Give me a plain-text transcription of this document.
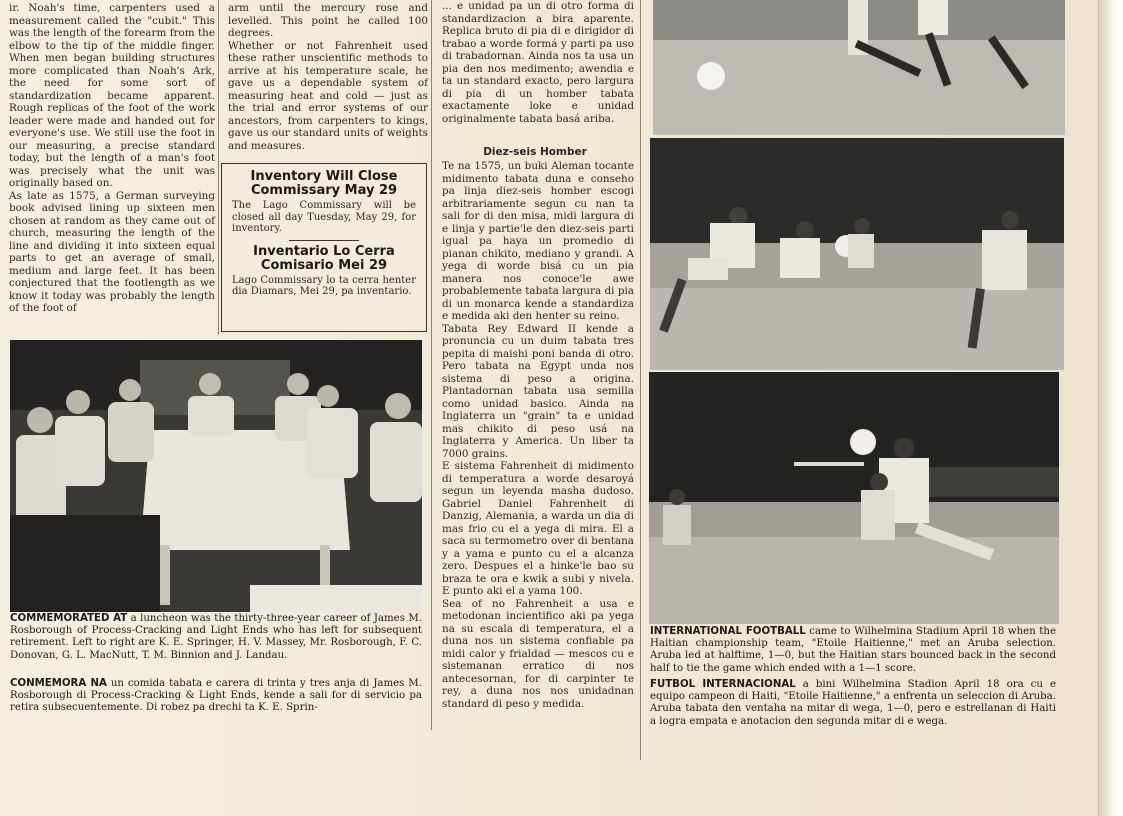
ir. Noah's time, carpenters used a measurement called the "cubit." This was the length of the forearm from the elbow to the tip of the middle finger. When men began building structures more complicated than Noah's Ark, the need for some sort of standardization became apparent. Rough replicas of the foot of the work leader were made and handed out for everyone's use. We still use the foot in our measuring, a precise standard today, but the length of a man's foot was precisely what the unit was originally based on.
As late as 1575, a German surveying book advised lining up sixteen men chosen at random as they came out of church, measuring the length of the line and dividing it into sixteen equal parts to get an average of small, medium and large feet. It has been conjectured that the footlength as we know it today was probably the length of the foot of

arm until the mercury rose and levelled. This point he called 100 degrees.
Whether or not Fahrenheit used these rather unscientific methods to arrive at his temperature scale, he gave us a dependable system of measuring heat and cold — just as the trial and error systems of our ancestors, from carpenters to kings, gave us our standard units of weights and measures.

Inventory Will Close
Commissary May 29
The Lago Commissary will be closed all day Tuesday, May 29, for inventory.
Inventario Lo Cerra
Comisario Mei 29
Lago Commissary lo ta cerra henter dia Diamars, Mei 29, pa inventario.

... e unidad pa un di otro forma di standardizacion a bira aparente. Replica bruto di pia di e dirigidor di trabao a worde formá y parti pa uso di trabadornan. Ainda nos ta usa un pia den nos medimento; awendia e ta un standard exacto, pero largura di pia di un homber tabata exactamente loke e unidad originalmente tabata basá ariba.

Diez-seis Homber

Te na 1575, un buki Aleman tocante midimento tabata duna e conseho pa linja diez-seis homber escogi arbitrariamente segun cu nan ta sali for di den misa, midi largura di e linja y partie'le den diez-seis parti igual pa haya un promedio di pianan chikito, mediano y grandi. A yega di worde bisá cu un pia manera nos conoce'le awe probablemente tabata largura di pia di un monarca kende a standardiza e medida aki den henter su reino.
Tabata Rey Edward II kende a pronuncia cu un duim tabata tres pepita di maishi poni banda di otro. Pero tabata na Egypt unda nos sistema di peso a origina. Plantadornan tabata usa semilla como unidad basico. Ainda na Inglaterra un "grain" ta e unidad mas chikito di peso usá na Inglaterra y America. Un liber ta 7000 grains.
E sistema Fahrenheit di midimento di temperatura a worde desaroyá segun un leyenda masha dudoso. Gabriel Daniel Fahrenheit di Danzig, Alemania, a warda un dia di mas frio cu el a yega di mira. El a saca su termometro over di bentana y a yama e punto cu el a alcanza zero. Despues el a hinke'le bao su braza te ora e kwik a subi y nivela. E punto aki el a yama 100.
Sea of no Fahrenheit a usa e metodonan incientifico aki pa yega na su escala di temperatura, el a duna nos un sistema confiable pa midi calor y frialdad — mescos cu e sistemanan erratico di nos antecesornan, for di carpinter te rey, a duna nos nos unidadnan standard di peso y medida.

COMMEMORATED AT a luncheon was the thirty-three-year career of James M. Rosborough of Process-Cracking and Light Ends who has left for subsequent retirement. Left to right are K. E. Springer, H. V. Massey, Mr. Rosborough, F. C. Donovan, G. L. MacNutt, T. M. Binnion and J. Landau.

CONMEMORA NA un comida tabata e carera di trinta y tres anja di James M. Rosborough di Process-Cracking & Light Ends, kende a sali for di servicio pa retira subsecuentemente. Di robez pa drechi ta K. E. Sprin-

INTERNATIONAL FOOTBALL came to Wilhelmina Stadium April 18 when the Haitian championship team, "Etoile Haitienne," met an Aruba selection. Aruba led at halftime, 1—0, but the Haitian stars bounced back in the second half to tie the game which ended with a 1—1 score.

FUTBOL INTERNACIONAL a bini Wilhelmina Stadion April 18 ora cu e equipo campeon di Haiti, "Etoile Haitienne," a enfrenta un seleccion di Aruba. Aruba tabata den ventaha na mitar di wega, 1—0, pero e estrellanan di Haiti a logra empata e anotacion den segunda mitar di e wega.
